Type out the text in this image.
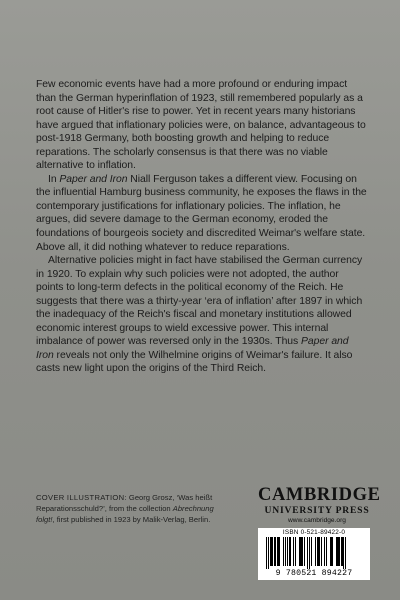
Few economic events have had a more profound or enduring impact than the German hyperinflation of 1923, still remembered popularly as a root cause of Hitler's rise to power. Yet in recent years many historians have argued that inflationary policies were, on balance, advantageous to post-1918 Germany, both boosting growth and helping to reduce reparations. The scholarly consensus is that there was no viable alternative to inflation.

In Paper and Iron Niall Ferguson takes a different view. Focusing on the influential Hamburg business community, he exposes the flaws in the contemporary justifications for inflationary policies. The inflation, he argues, did severe damage to the German economy, eroded the foundations of bourgeois society and discredited Weimar's welfare state. Above all, it did nothing whatever to reduce reparations.

Alternative policies might in fact have stabilised the German currency in 1920. To explain why such policies were not adopted, the author points to long-term defects in the political economy of the Reich. He suggests that there was a thirty-year ‘era of inflation’ after 1897 in which the inadequacy of the Reich's fiscal and monetary institutions allowed economic interest groups to wield excessive power. This internal imbalance of power was reversed only in the 1930s. Thus Paper and Iron reveals not only the Wilhelmine origins of Weimar's failure. It also casts new light upon the origins of the Third Reich.

COVER ILLUSTRATION: Georg Grosz, ‘Was heißt Reparationsschuld?’, from the collection Abrechnung folgt!, first published in 1923 by Malik-Verlag, Berlin.
CAMBRIDGE
UNIVERSITY PRESS
www.cambridge.org
ISBN 0-521-89422-0
9 780521 894227
